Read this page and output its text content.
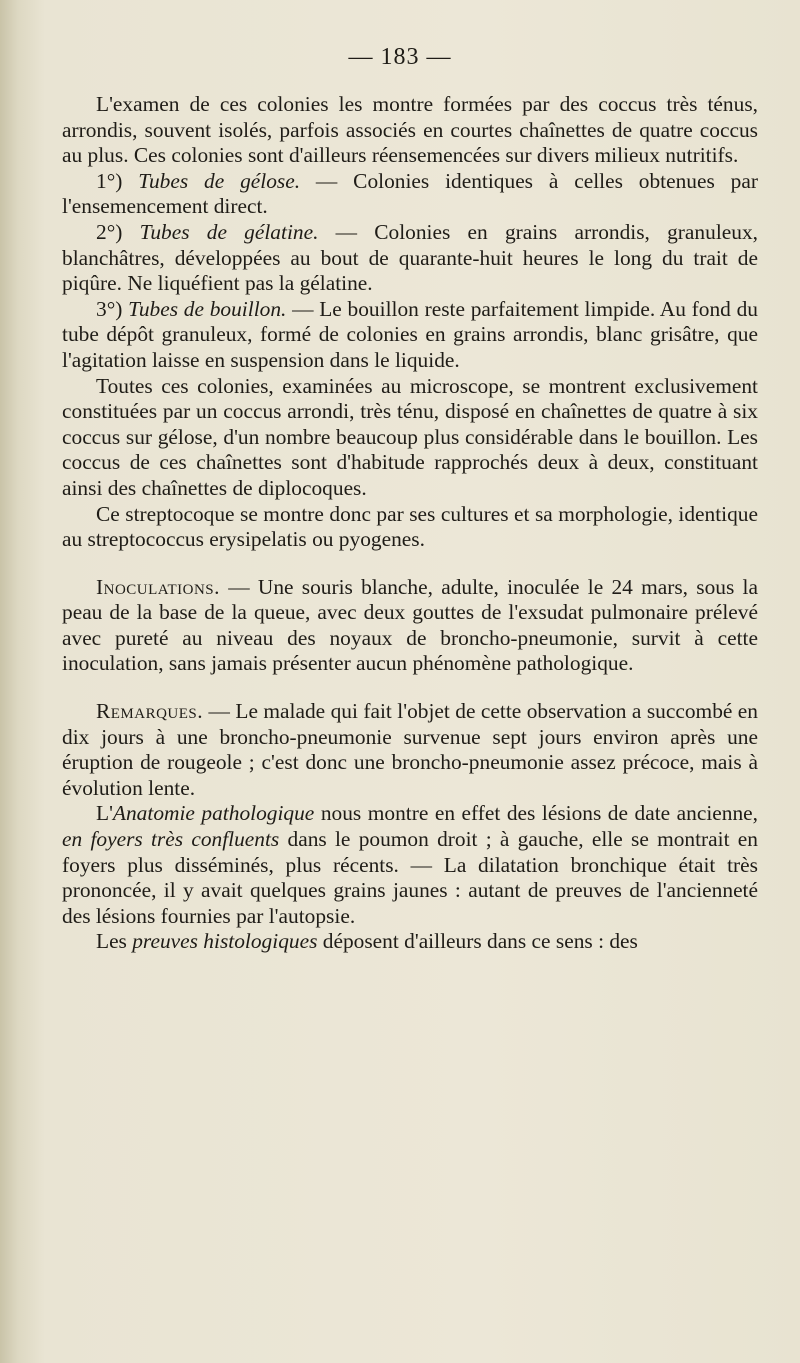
— 183 —

L'examen de ces colonies les montre formées par des coccus très ténus, arrondis, souvent isolés, parfois associés en courtes chaînettes de quatre coccus au plus. Ces colonies sont d'ailleurs réensemencées sur divers milieux nutritifs.

1°) Tubes de gélose. — Colonies identiques à celles obtenues par l'ensemencement direct.

2°) Tubes de gélatine. — Colonies en grains arrondis, granuleux, blanchâtres, développées au bout de quarante-huit heures le long du trait de piqûre. Ne liquéfient pas la gélatine.

3°) Tubes de bouillon. — Le bouillon reste parfaitement limpide. Au fond du tube dépôt granuleux, formé de colonies en grains arrondis, blanc grisâtre, que l'agitation laisse en suspension dans le liquide.

Toutes ces colonies, examinées au microscope, se montrent exclusivement constituées par un coccus arrondi, très ténu, disposé en chaînettes de quatre à six coccus sur gélose, d'un nombre beaucoup plus considérable dans le bouillon. Les coccus de ces chaînettes sont d'habitude rapprochés deux à deux, constituant ainsi des chaînettes de diplocoques.

Ce streptocoque se montre donc par ses cultures et sa morphologie, identique au streptococcus erysipelatis ou pyogenes.

Inoculations. — Une souris blanche, adulte, inoculée le 24 mars, sous la peau de la base de la queue, avec deux gouttes de l'exsudat pulmonaire prélevé avec pureté au niveau des noyaux de broncho-pneumonie, survit à cette inoculation, sans jamais présenter aucun phénomène pathologique.

Remarques. — Le malade qui fait l'objet de cette observation a succombé en dix jours à une broncho-pneumonie survenue sept jours environ après une éruption de rougeole ; c'est donc une broncho-pneumonie assez précoce, mais à évolution lente.

L'Anatomie pathologique nous montre en effet des lésions de date ancienne, en foyers très confluents dans le poumon droit ; à gauche, elle se montrait en foyers plus disséminés, plus récents. — La dilatation bronchique était très prononcée, il y avait quelques grains jaunes : autant de preuves de l'ancienneté des lésions fournies par l'autopsie.

Les preuves histologiques déposent d'ailleurs dans ce sens : des
